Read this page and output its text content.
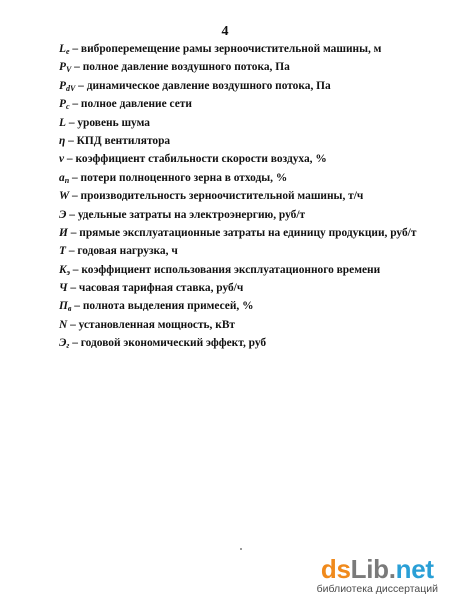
4
$L_e$ – виброперемещение рамы зерноочистительной машины, м
$P_V$ – полное давление воздушного потока, Па
$P_{dV}$ – динамическое давление воздушного потока, Па
$P_c$ – полное давление сети
L – уровень шума
η – КПД вентилятора
ν – коэффициент стабильности скорости воздуха, %
$a_п$ – потери полноценного зерна в отходы, %
W – производительность зерноочистительной машины, т/ч
Э – удельные затраты на электроэнергию, руб/т
И – прямые эксплуатационные затраты на единицу продукции, руб/т
T – годовая нагрузка, ч
$K_э$ – коэффициент использования эксплуатационного времени
Ч – часовая тарифная ставка, руб/ч
$П_в$ – полнота выделения примесей, %
N – установленная мощность, кВт
$Э_г$ – годовой экономический эффект, руб
dsLib.net
библиотека диссертаций
